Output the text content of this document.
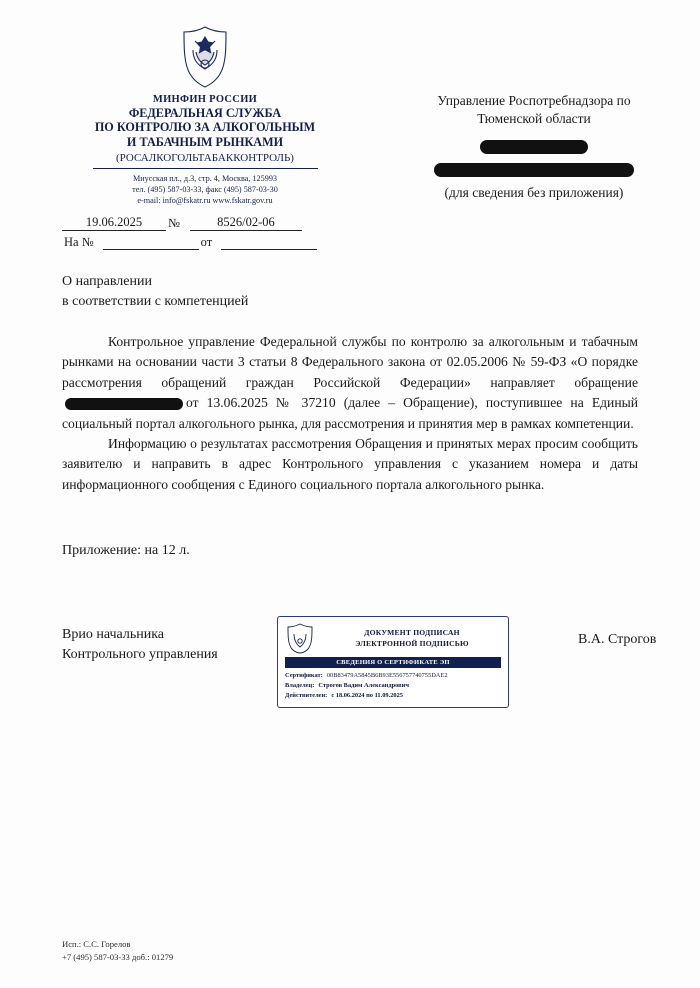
МИНФИН РОССИИ
ФЕДЕРАЛЬНАЯ СЛУЖБА
ПО КОНТРОЛЮ ЗА АЛКОГОЛЬНЫМ
И ТАБАЧНЫМ РЫНКАМИ
(РОСАЛКОГОЛЬТАБАККОНТРОЛЬ)
Миусская пл., д.3, стр. 4, Москва, 125993
тел. (495) 587-03-33, факс (495) 587-03-30
e-mail: info@fskatr.ru www.fskatr.gov.ru
Управление Роспотребнадзора по
Тюменской области
(для сведения без приложения)
19.06.2025	№	8526/02-06
На №	от
О направлении
в соответствии с компетенцией

Контрольное управление Федеральной службы по контролю за алкогольным и табачным рынками на основании части 3 статьи 8 Федерального закона от 02.05.2006 № 59-ФЗ «О порядке рассмотрения обращений граждан Российской Федерации» направляет обращениеот 13.06.2025 № 37210 (далее – Обращение), поступившее на Единый социальный портал алкогольного рынка, для рассмотрения и принятия мер в рамках компетенции.

Информацию о результатах рассмотрения Обращения и принятых мерах просим сообщить заявителю и направить в адрес Контрольного управления с указанием номера и даты информационного сообщения с Единого социального портала алкогольного рынка.

Приложение: на 12 л.
Врио начальника
Контрольного управления
В.А. Строгов
ДОКУМЕНТ ПОДПИСАН
ЭЛЕКТРОННОЙ ПОДПИСЬЮ
СВЕДЕНИЯ О СЕРТИФИКАТЕ ЭП
Сертификат: 00B83479A5845B6B93E556757740755DAE2
Владелец: Строгов Вадим Александрович
Действителен: с 18.06.2024 по 11.09.2025
Исп.: С.С. Горелов
+7 (495) 587-03-33 доб.: 01279
